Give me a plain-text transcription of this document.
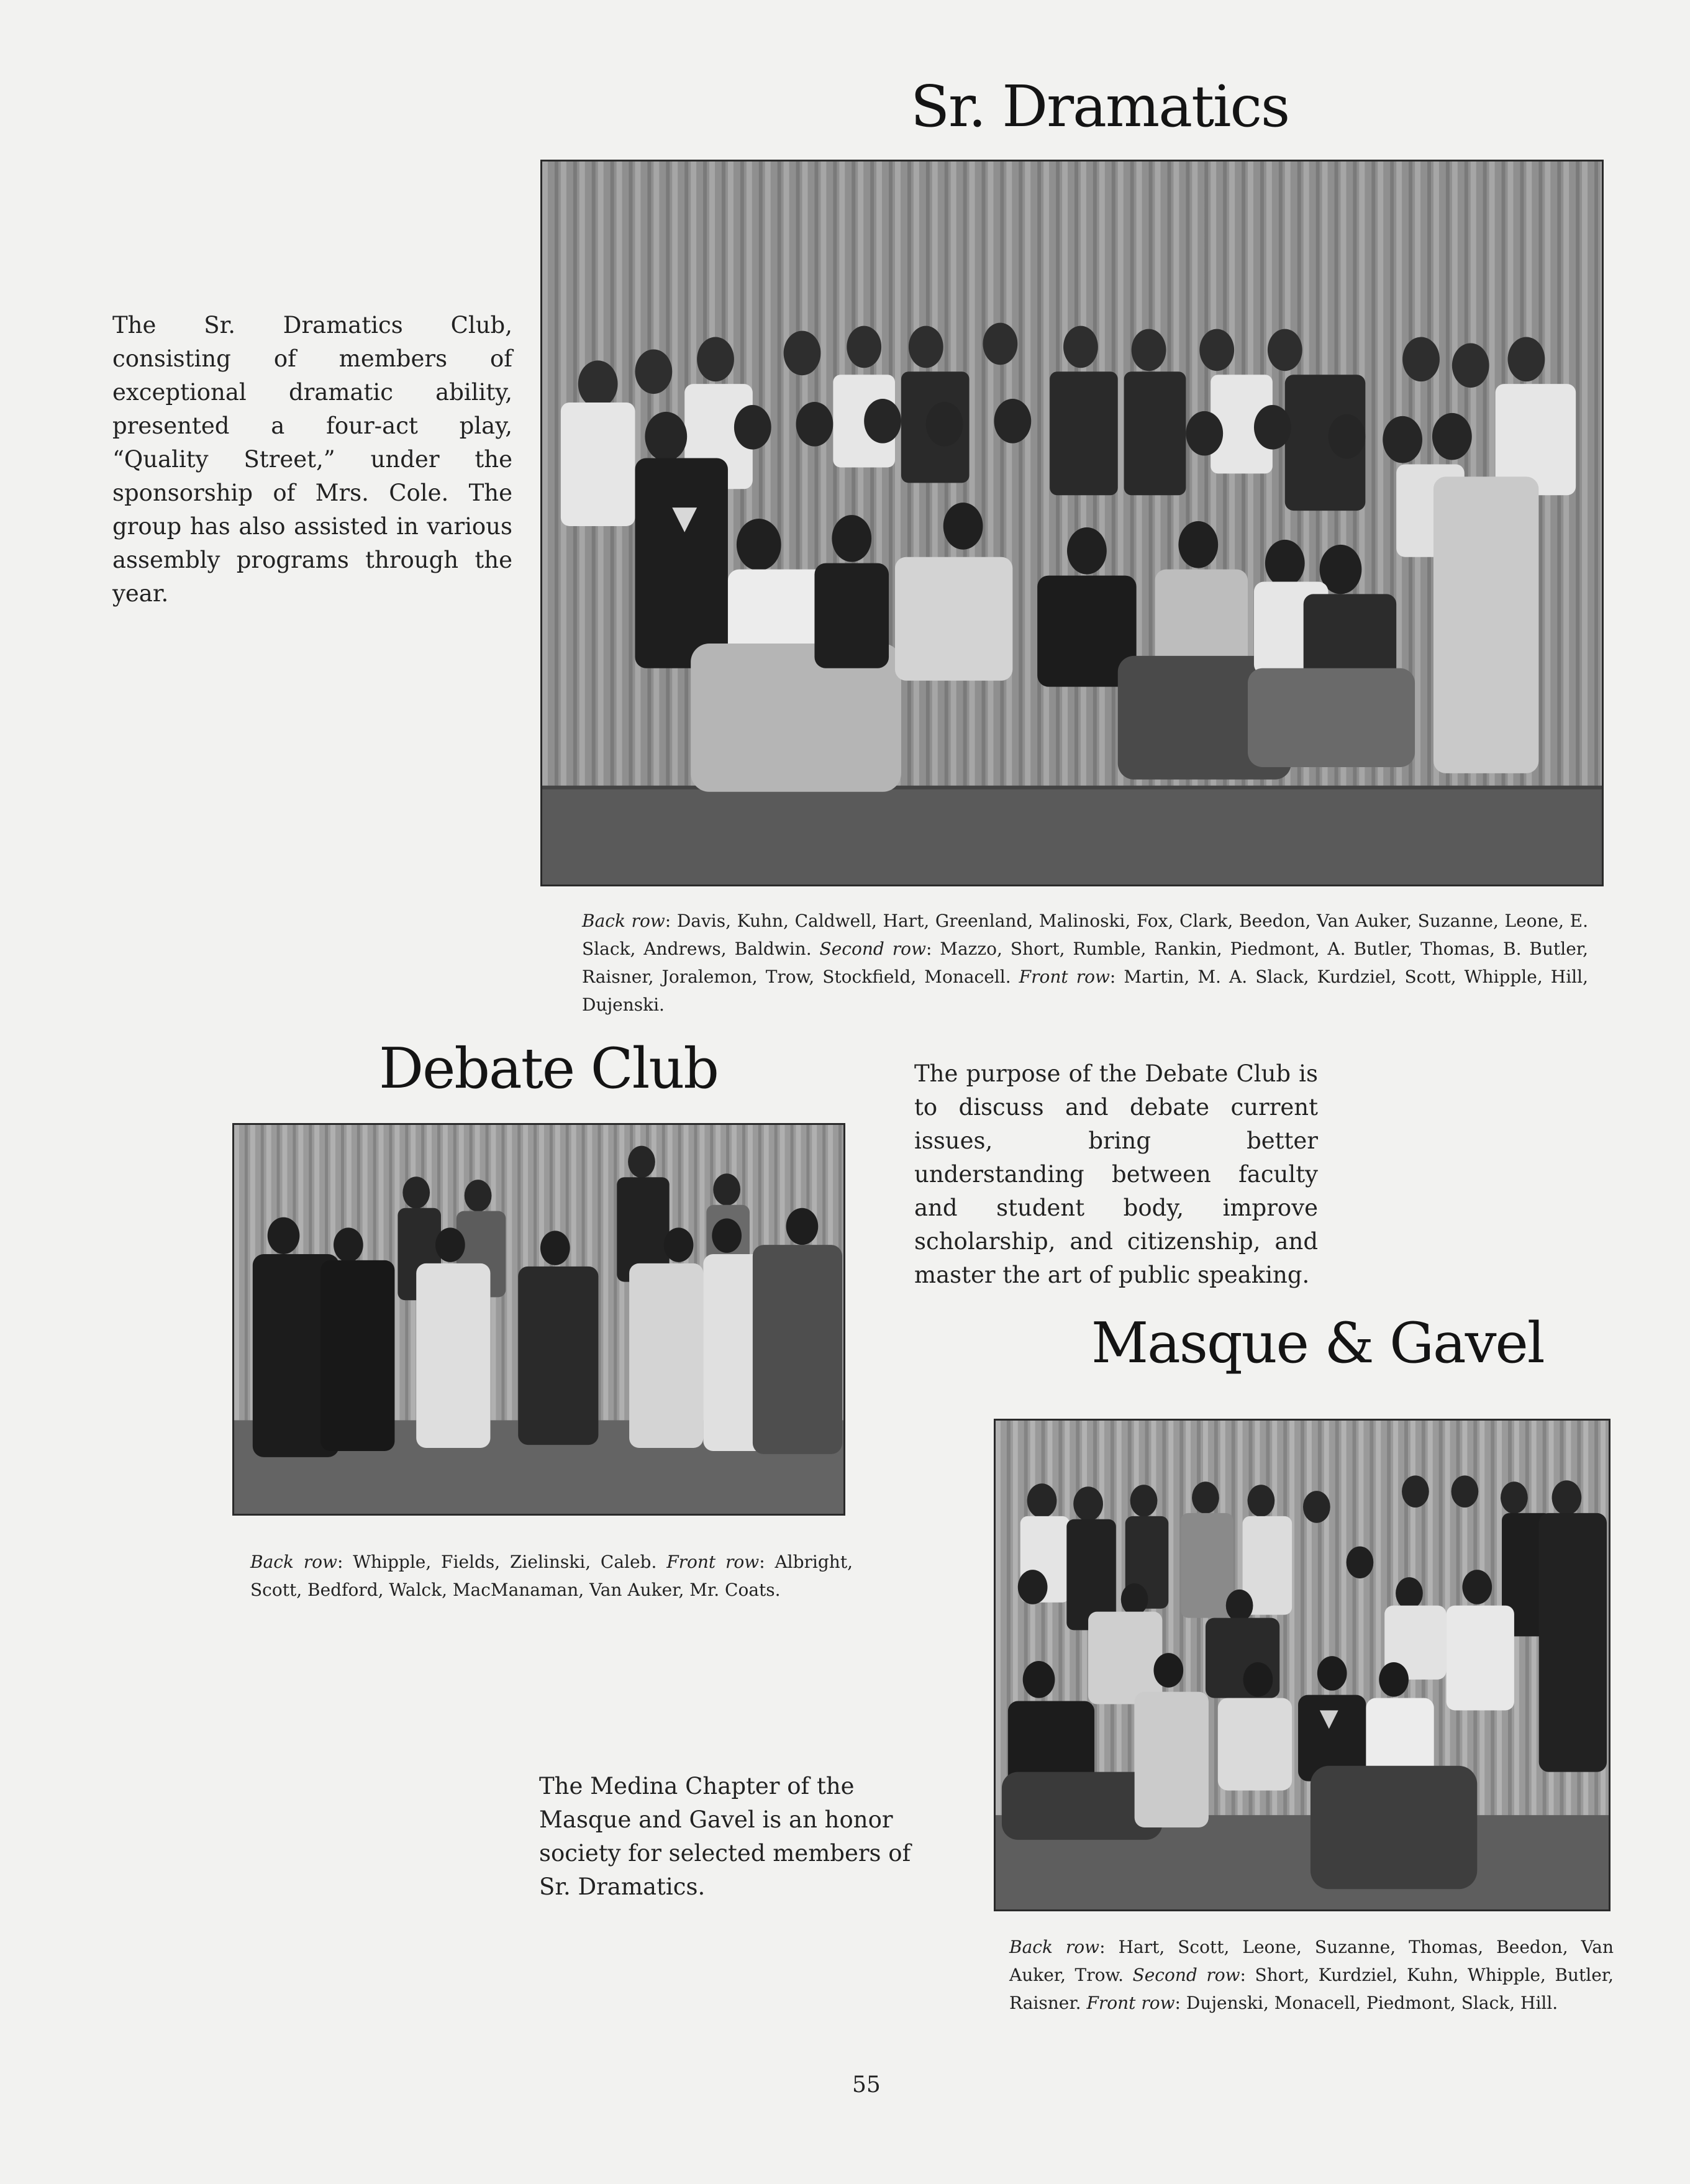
Sr. Dramatics

The Sr. Dramatics Club, consisting of members of exceptional dramatic ability, presented a four-act play, “Quality Street,” under the sponsorship of Mrs. Cole. The group has also assisted in various assembly programs through the year.

Back row: Davis, Kuhn, Caldwell, Hart, Greenland, Malinoski, Fox, Clark, Beedon, Van Auker, Suzanne, Leone, E. Slack, Andrews, Baldwin. Second row: Mazzo, Short, Rumble, Rankin, Piedmont, A. Butler, Thomas, B. Butler, Raisner, Joralemon, Trow, Stockfield, Monacell. Front row: Martin, M. A. Slack, Kurdziel, Scott, Whipple, Hill, Dujenski.

Debate Club	The purpose of the Debate Club is to discuss and debate current issues, bring better understanding between faculty and student body, improve scholarship, and citizenship, and master the art of public speaking.

Back row: Whipple, Fields, Zielinski, Caleb. Front row: Albright, Scott, Bedford, Walck, MacManaman, Van Auker, Mr. Coats.

Masque & Gavel

The Medina Chapter of the Masque and Gavel is an honor society for selected members of Sr. Dramatics.

Back row: Hart, Scott, Leone, Suzanne, Thomas, Beedon, Van Auker, Trow. Second row: Short, Kurdziel, Kuhn, Whipple, Butler, Raisner. Front row: Dujenski, Monacell, Piedmont, Slack, Hill.

55
